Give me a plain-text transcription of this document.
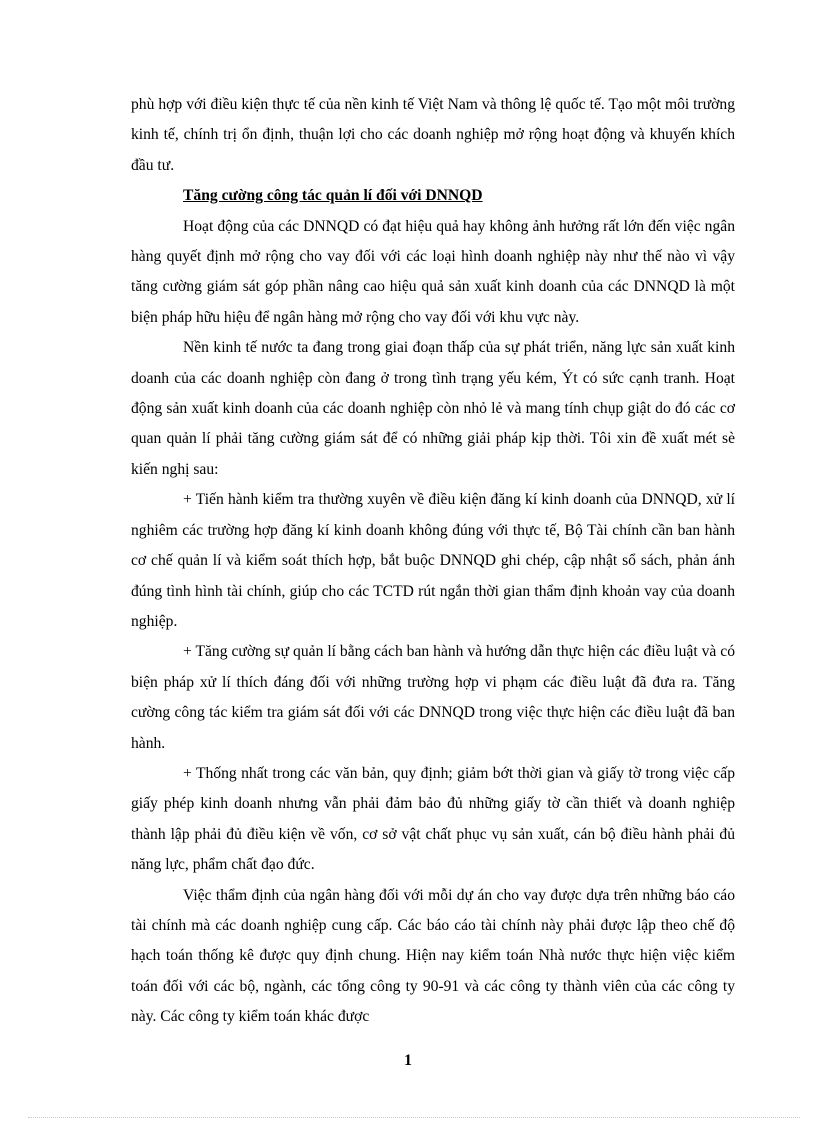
phù hợp với điều kiện thực tế của nền kinh tế Việt Nam và thông lệ quốc tế. Tạo một môi trường kinh tế, chính trị ổn định, thuận lợi cho các doanh nghiệp mở rộng hoạt động và khuyến khích đầu tư.

Tăng cường công tác quản lí đối với DNNQD

Hoạt động của các DNNQD có đạt hiệu quả hay không ảnh hưởng rất lớn đến việc ngân hàng quyết định mở rộng cho vay đối với các loại hình doanh nghiệp này như thế nào vì vậy tăng cường giám sát góp phần nâng cao hiệu quả sản xuất kinh doanh của các DNNQD là một biện pháp hữu hiệu để ngân hàng mở rộng cho vay đối với khu vực này.

Nền kinh tế nước ta đang trong giai đoạn thấp của sự phát triển, năng lực sản xuất kinh doanh của các doanh nghiệp còn đang ở trong tình trạng yếu kém, Ýt có sức cạnh tranh. Hoạt động sản xuất kinh doanh của các doanh nghiệp còn nhỏ lẻ và mang tính chụp giật do đó các cơ quan quản lí phải tăng cường giám sát để có những giải pháp kịp thời. Tôi xin đề xuất mét sè kiến nghị sau:

+ Tiến hành kiểm tra thường xuyên về điều kiện đăng kí kinh doanh của DNNQD, xử lí nghiêm các trường hợp đăng kí kinh doanh không đúng với thực tế, Bộ Tài chính cần ban hành cơ chế quản lí và kiểm soát thích hợp, bắt buộc DNNQD ghi chép, cập nhật sổ sách, phản ánh đúng tình hình tài chính, giúp cho các TCTD rút ngắn thời gian thẩm định khoản vay của doanh nghiệp.

+ Tăng cường sự quản lí bằng cách ban hành và hướng dẫn thực hiện các điều luật và có biện pháp xử lí thích đáng đối với những trường hợp vi phạm các điều luật đã đưa ra. Tăng cường công tác kiểm tra giám sát đối với các DNNQD trong việc thực hiện các điều luật đã ban hành.

+ Thống nhất trong các văn bản, quy định; giảm bớt thời gian và giấy tờ trong việc cấp giấy phép kinh doanh nhưng vẫn phải đảm bảo đủ những giấy tờ cần thiết và doanh nghiệp thành lập phải đủ điều kiện về vốn, cơ sở vật chất phục vụ sản xuất, cán bộ điều hành phải đủ năng lực, phẩm chất đạo đức.

Việc thẩm định của ngân hàng đối với mỗi dự án cho vay được dựa trên những báo cáo tài chính mà các doanh nghiệp cung cấp. Các báo cáo tài chính này phải được lập theo chế độ hạch toán thống kê được quy định chung. Hiện nay kiểm toán Nhà nước thực hiện việc kiểm toán đối với các bộ, ngành, các tổng công ty 90-91 và các công ty thành viên của các công ty này. Các công ty kiểm toán khác được

1
